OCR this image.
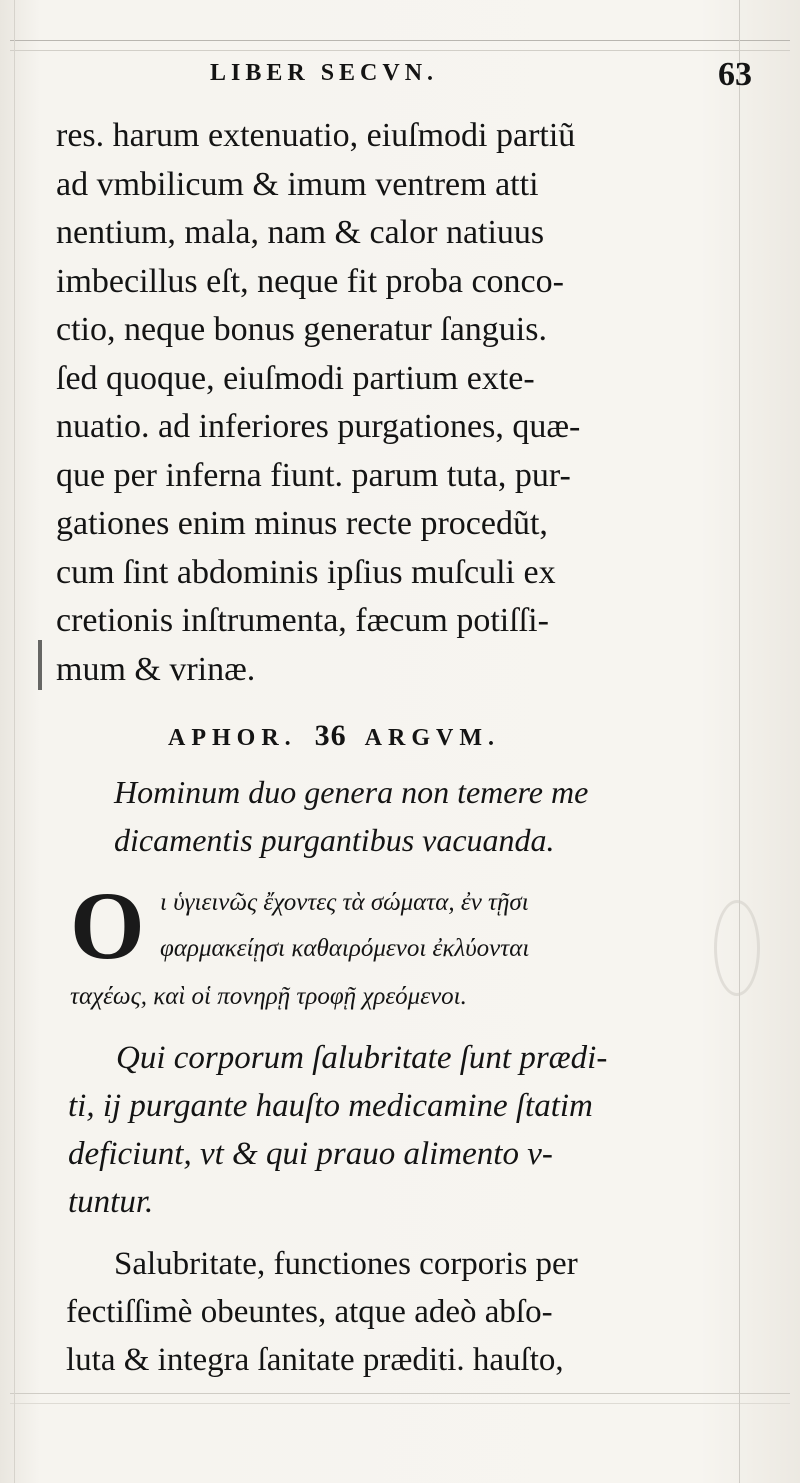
LIBER SECVN.	63
res. harum extenuatio, eiuſmodi partiũ
ad vmbilicum & imum ventrem atti
nentium, mala, nam & calor natiuus
imbecillus eſt, neque fit proba conco-
ctio, neque bonus generatur ſanguis.
ſed quoque, eiuſmodi partium exte-
nuatio. ad inferiores purgationes, quæ-
que per inferna fiunt. parum tuta, pur-
gationes enim minus recte procedũt,
cum ſint abdominis ipſius muſculi ex
cretionis inſtrumenta, fæcum potiſſi-
mum & vrinæ.
APHOR. 36 ARGVM.
Hominum duo genera non temere me
dicamentis purgantibus vacuanda.
O ι ὑγιεινῶς ἔχοντες τὰ σώματα, ἐν τῇσι
φαρμακείῃσι καθαιρόμενοι ἐκλύονται
ταχέως, καὶ οἱ πονηρῇ τροφῇ χρεόμενοι.
Qui corporum ſalubritate ſunt prædi-
ti, ij purgante hauſto medicamine ſtatim
deficiunt, vt & qui prauo alimento v-
tuntur.
Salubritate, functiones corporis per
fectiſſimè obeuntes, atque adeò abſo-
luta & integra ſanitate præditi. hauſto,
